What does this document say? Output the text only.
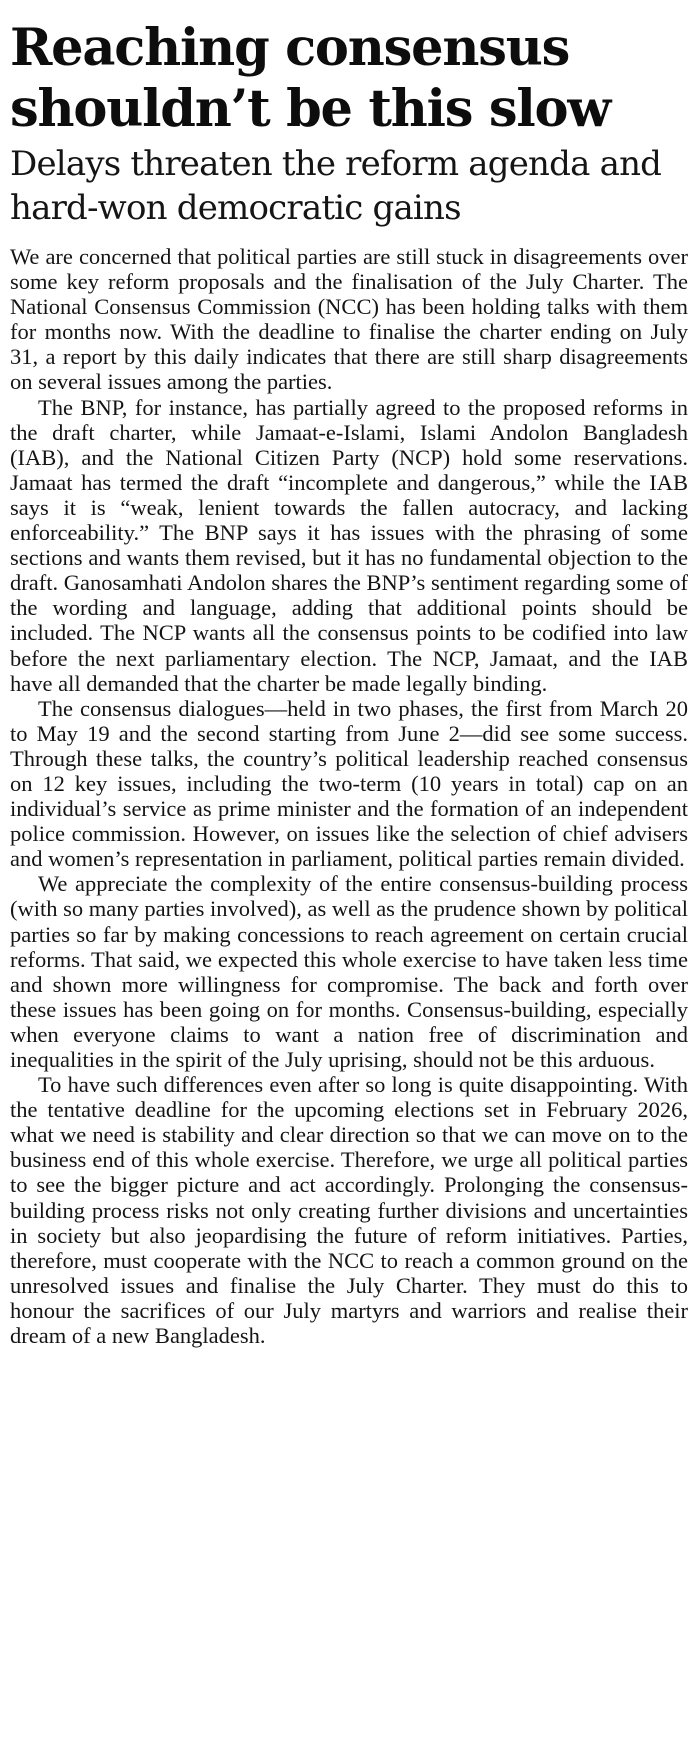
Reaching consensus shouldn’t be this slow
Delays threaten the reform agenda and hard-won democratic gains

We are concerned that political parties are still stuck in disagreements over some key reform proposals and the finalisation of the July Charter. The National Consensus Commission (NCC) has been holding talks with them for months now. With the deadline to finalise the charter ending on July 31, a report by this daily indicates that there are still sharp disagreements on several issues among the parties.

The BNP, for instance, has partially agreed to the proposed reforms in the draft charter, while Jamaat-e-Islami, Islami Andolon Bangladesh (IAB), and the National Citizen Party (NCP) hold some reservations. Jamaat has termed the draft “incomplete and dangerous,” while the IAB says it is “weak, lenient towards the fallen autocracy, and lacking enforceability.” The BNP says it has issues with the phrasing of some sections and wants them revised, but it has no fundamental objection to the draft. Ganosamhati Andolon shares the BNP’s sentiment regarding some of the wording and language, adding that additional points should be included. The NCP wants all the consensus points to be codified into law before the next parliamentary election. The NCP, Jamaat, and the IAB have all demanded that the charter be made legally binding.

The consensus dialogues—held in two phases, the first from March 20 to May 19 and the second starting from June 2—did see some success. Through these talks, the country’s political leadership reached consensus on 12 key issues, including the two-term (10 years in total) cap on an individual’s service as prime minister and the formation of an independent police commission. However, on issues like the selection of chief advisers and women’s representation in parliament, political parties remain divided.

We appreciate the complexity of the entire consensus-building process (with so many parties involved), as well as the prudence shown by political parties so far by making concessions to reach agreement on certain crucial reforms. That said, we expected this whole exercise to have taken less time and shown more willingness for compromise. The back and forth over these issues has been going on for months. Consensus-building, especially when everyone claims to want a nation free of discrimination and inequalities in the spirit of the July uprising, should not be this arduous.

To have such differences even after so long is quite disappointing. With the tentative deadline for the upcoming elections set in February 2026, what we need is stability and clear direction so that we can move on to the business end of this whole exercise. Therefore, we urge all political parties to see the bigger picture and act accordingly. Prolonging the consensus-building process risks not only creating further divisions and uncertainties in society but also jeopardising the future of reform initiatives. Parties, therefore, must cooperate with the NCC to reach a common ground on the unresolved issues and finalise the July Charter. They must do this to honour the sacrifices of our July martyrs and warriors and realise their dream of a new Bangladesh.
